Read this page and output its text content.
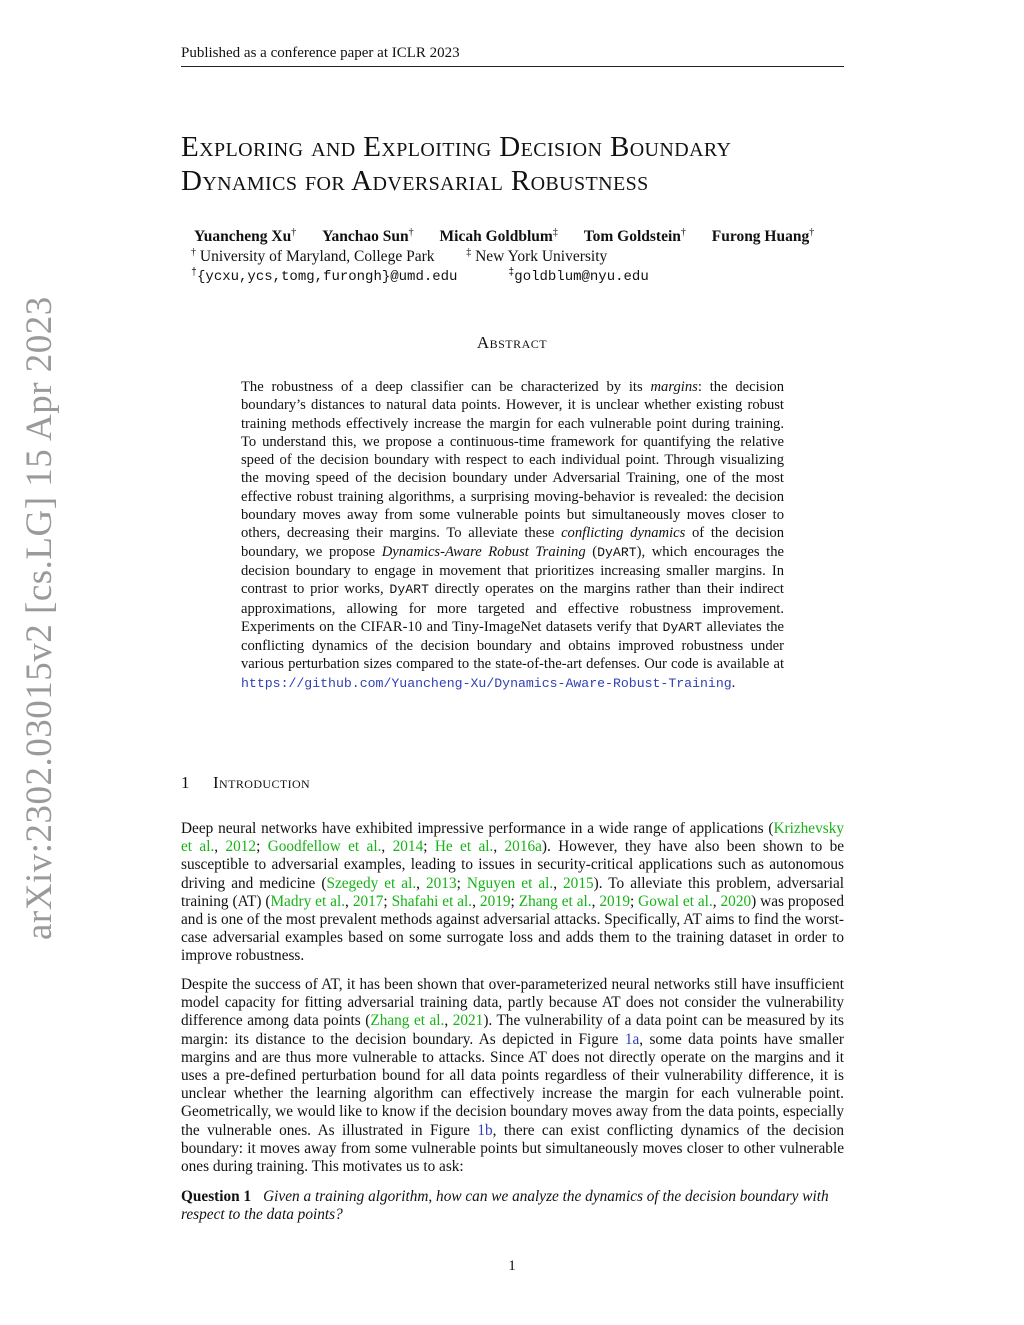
Published as a conference paper at ICLR 2023
arXiv:2302.03015v2 [cs.LG] 15 Apr 2023
Exploring and Exploiting Decision Boundary
Dynamics for Adversarial Robustness
Yuancheng Xu† Yanchao Sun† Micah Goldblum‡ Tom Goldstein† Furong Huang†
† University of Maryland, College Park	‡ New York University
†{ycxu,ycs,tomg,furongh}@umd.edu	‡goldblum@nyu.edu
Abstract
The robustness of a deep classifier can be characterized by its margins: the decision boundary’s distances to natural data points. However, it is unclear whether existing robust training methods effectively increase the margin for each vulnerable point during training. To understand this, we propose a continuous-time framework for quantifying the relative speed of the decision boundary with respect to each individual point. Through visualizing the moving speed of the decision boundary under Adversarial Training, one of the most effective robust training algorithms, a surprising moving-behavior is revealed: the decision boundary moves away from some vulnerable points but simultaneously moves closer to others, decreasing their margins. To alleviate these conflicting dynamics of the decision boundary, we propose Dynamics-Aware Robust Training (DyART), which encourages the decision boundary to engage in movement that prioritizes increasing smaller margins. In contrast to prior works, DyART directly operates on the margins rather than their indirect approximations, allowing for more targeted and effective robustness improvement. Experiments on the CIFAR-10 and Tiny-ImageNet datasets verify that DyART alleviates the conflicting dynamics of the decision boundary and obtains improved robustness under various perturbation sizes compared to the state-of-the-art defenses. Our code is available at https://github.com/Yuancheng-Xu/Dynamics-Aware-Robust-Training.
1 Introduction
Deep neural networks have exhibited impressive performance in a wide range of applications (Krizhevsky et al., 2012; Goodfellow et al., 2014; He et al., 2016a). However, they have also been shown to be susceptible to adversarial examples, leading to issues in security-critical applications such as autonomous driving and medicine (Szegedy et al., 2013; Nguyen et al., 2015). To alleviate this problem, adversarial training (AT) (Madry et al., 2017; Shafahi et al., 2019; Zhang et al., 2019; Gowal et al., 2020) was proposed and is one of the most prevalent methods against adversarial attacks. Specifically, AT aims to find the worst-case adversarial examples based on some surrogate loss and adds them to the training dataset in order to improve robustness.
Despite the success of AT, it has been shown that over-parameterized neural networks still have insufficient model capacity for fitting adversarial training data, partly because AT does not consider the vulnerability difference among data points (Zhang et al., 2021). The vulnerability of a data point can be measured by its margin: its distance to the decision boundary. As depicted in Figure 1a, some data points have smaller margins and are thus more vulnerable to attacks. Since AT does not directly operate on the margins and it uses a pre-defined perturbation bound for all data points regardless of their vulnerability difference, it is unclear whether the learning algorithm can effectively increase the margin for each vulnerable point. Geometrically, we would like to know if the decision boundary moves away from the data points, especially the vulnerable ones. As illustrated in Figure 1b, there can exist conflicting dynamics of the decision boundary: it moves away from some vulnerable points but simultaneously moves closer to other vulnerable ones during training. This motivates us to ask:
Question 1 Given a training algorithm, how can we analyze the dynamics of the decision boundary with respect to the data points?
1
